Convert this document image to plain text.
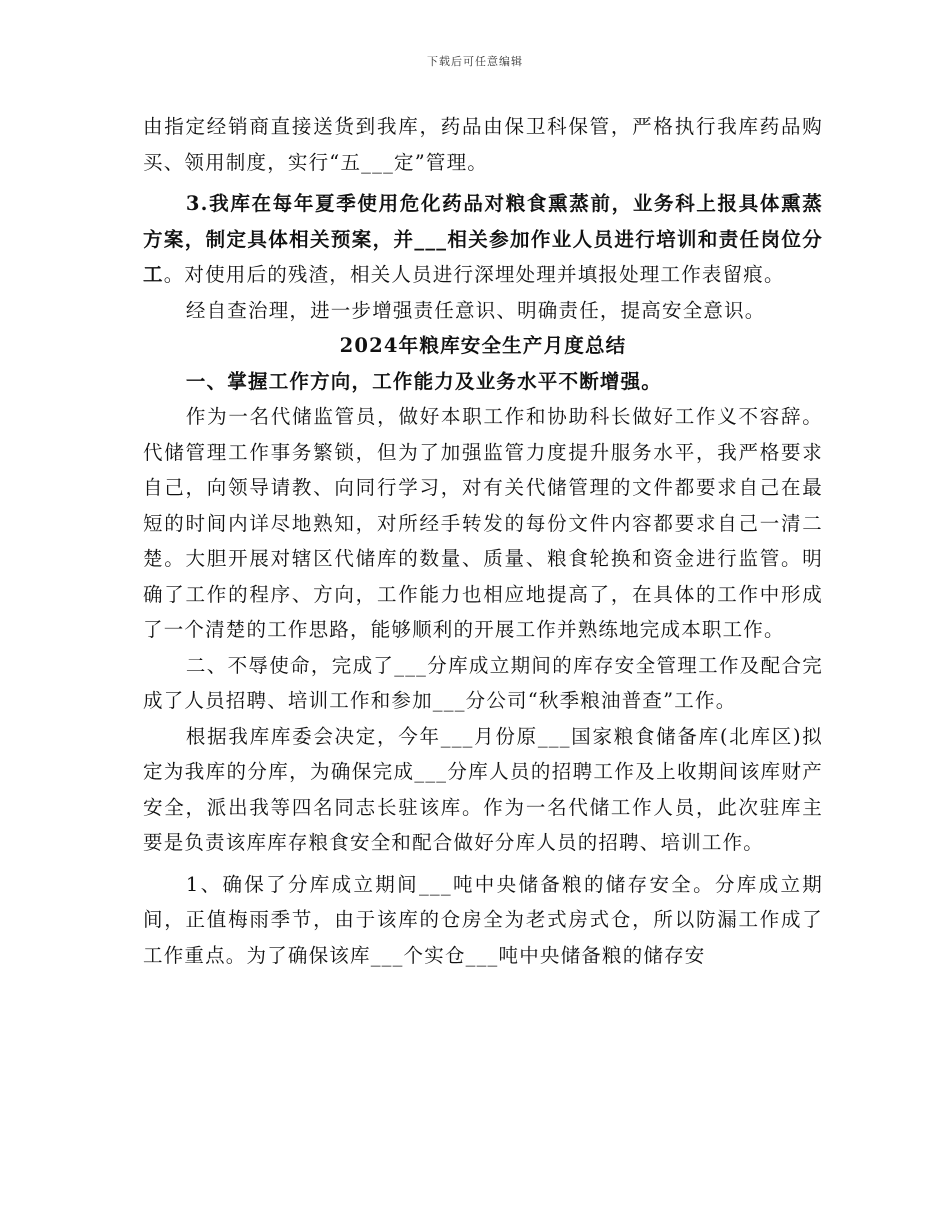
下载后可任意编辑

由指定经销商直接送货到我库，药品由保卫科保管，严格执行我库药品购买、领用制度，实行“五___定”管理。

3.我库在每年夏季使用危化药品对粮食熏蒸前，业务科上报具体熏蒸方案，制定具体相关预案，并___相关参加作业人员进行培训和责任岗位分工。对使用后的残渣，相关人员进行深埋处理并填报处理工作表留痕。

经自查治理，进一步增强责任意识、明确责任，提高安全意识。

2024年粮库安全生产月度总结

一、掌握工作方向，工作能力及业务水平不断增强。

作为一名代储监管员，做好本职工作和协助科长做好工作义不容辞。代储管理工作事务繁锁，但为了加强监管力度提升服务水平，我严格要求自己，向领导请教、向同行学习，对有关代储管理的文件都要求自己在最短的时间内详尽地熟知，对所经手转发的每份文件内容都要求自己一清二楚。大胆开展对辖区代储库的数量、质量、粮食轮换和资金进行监管。明确了工作的程序、方向，工作能力也相应地提高了，在具体的工作中形成了一个清楚的工作思路，能够顺利的开展工作并熟练地完成本职工作。

二、不辱使命，完成了___分库成立期间的库存安全管理工作及配合完成了人员招聘、培训工作和参加___分公司“秋季粮油普查”工作。

根据我库库委会决定，今年___月份原___国家粮食储备库(北库区)拟定为我库的分库，为确保完成___分库人员的招聘工作及上收期间该库财产安全，派出我等四名同志长驻该库。作为一名代储工作人员，此次驻库主要是负责该库库存粮食安全和配合做好分库人员的招聘、培训工作。

1、确保了分库成立期间___吨中央储备粮的储存安全。分库成立期间，正值梅雨季节，由于该库的仓房全为老式房式仓，所以防漏工作成了工作重点。为了确保该库___个实仓___吨中央储备粮的储存安
